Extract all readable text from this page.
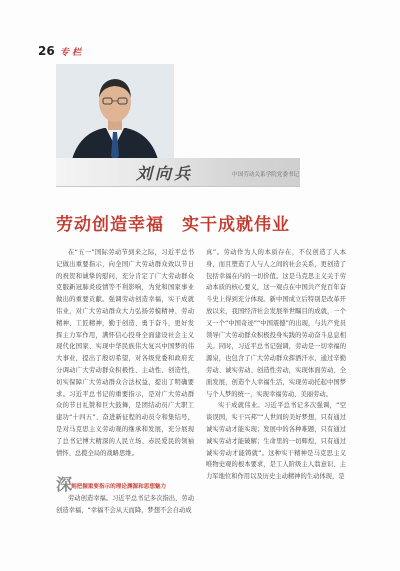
26 专 栏
刘向兵	中国劳动关系学院党委书记
劳动创造幸福　实干成就伟业

在“五一”国际劳动节到来之际，习近平总书记做出重要指示，向全国广大劳动群众致以节日的祝贺和诚挚的慰问，充分肯定了广大劳动群众克服新冠肺炎疫情等不利影响，为党和国家事业做出的重要贡献。强调劳动创造幸福，实干成就伟业，对广大劳动群众大力弘扬劳模精神、劳动精神、工匠精神，勤于创造、勇于奋斗，更好发挥主力军作用，满怀信心投身全面建设社会主义现代化国家、实现中华民族伟大复兴中国梦的伟大事业，提出了殷切希望，对各级党委和政府充分调动广大劳动群众积极性、主动性、创造性，切实保障广大劳动群众合法权益，提出了明确要求。习近平总书记的重要指示，是对广大劳动群众的节日礼赞和巨大鼓舞，是团结动员广大职工建功“十四五”、奋进新征程的动员令和集结号，是对马克思主义劳动观的继承和发展，充分展现了总书记博大精深的人民立场、赤民爱民的领袖情怀、总揽全局的战略思维。

深
刻把握重要指示的理论渊源和思想魅力

劳动创造幸福。习近平总书记多次指出，劳动创造幸福，“幸福不会从天而降，梦想不会自动成

真”。劳动作为人的本质存在，不仅创造了人本身，而且塑造了人与人之间的社会关系，更创造了包括幸福在内的一切价值。这是马克思主义关于劳动本质的核心要义，这一观点在中国共产党百年奋斗史上得到充分体现。新中国成立后特别是改革开放以来，我国经济社会发展举世瞩目的成就，一个又一个“中国奇迹”“中国震撼”的出现，与共产党员领导广大劳动群众积极投身实践的劳动奋斗息息相关。同时，习近平总书记强调，劳动是一切幸福的源泉，也包含了广大劳动群众挥洒汗水，通过辛勤劳动、诚实劳动、创造性劳动，实现体面劳动、全面发展，创造个人幸福生活，实现劳动托起中国梦与个人梦的统一，实现幸福劳动、美丽劳动。

实干成就伟业。习近平总书记多次强调，“空谈误国，实干兴邦”“人世间的美好梦想，只有通过诚实劳动才能实现；发展中的各种难题，只有通过诚实劳动才能破解；生命里的一切辉煌，只有通过诚实劳动才能铸就”。这种实干精神是马克思主义唯物史观的根本要求，是工人阶级主人翁意识、主力军地位和作用以及历史主动精神的生动体现，是
